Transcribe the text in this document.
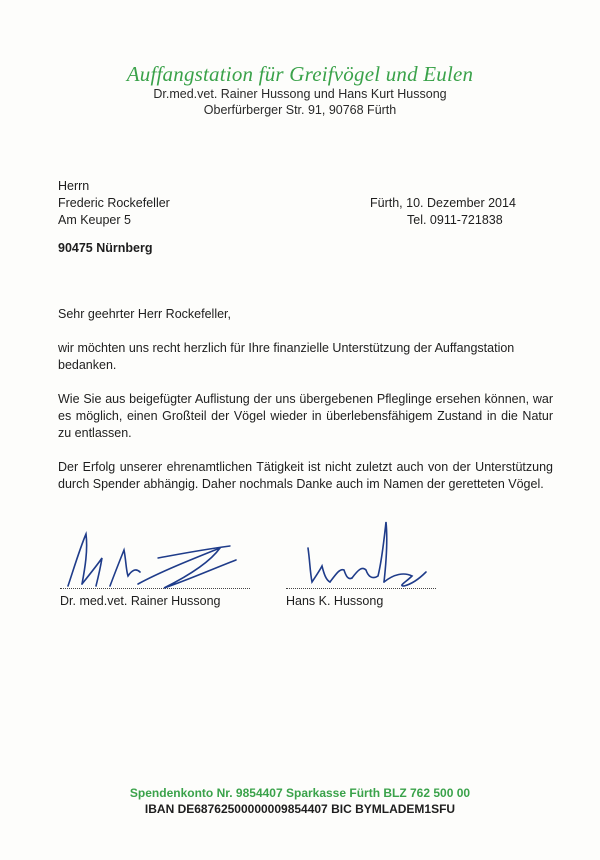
Auffangstation für Greifvögel und Eulen
Dr.med.vet. Rainer Hussong und Hans Kurt Hussong
Oberfürberger Str. 91, 90768 Fürth
Herrn
Frederic Rockefeller
Am Keuper 5
90475 Nürnberg
Fürth, 10. Dezember 2014
Tel. 0911-721838

Sehr geehrter Herr Rockefeller,

wir möchten uns recht herzlich für Ihre finanzielle Unterstützung der Auffangstation bedanken.

Wie Sie aus beigefügter Auflistung der uns übergebenen Pfleglinge ersehen können, war es möglich, einen Großteil der Vögel wieder in überlebensfähigem Zustand in die Natur zu entlassen.

Der Erfolg unserer ehrenamtlichen Tätigkeit ist nicht zuletzt auch von der Unterstützung durch Spender abhängig. Daher nochmals Danke auch im Namen der geretteten Vögel.

Dr. med.vet. Rainer Hussong	Hans K. Hussong
Spendenkonto Nr. 9854407 Sparkasse Fürth BLZ 762 500 00
IBAN DE68762500000009854407 BIC BYMLADEM1SFU
